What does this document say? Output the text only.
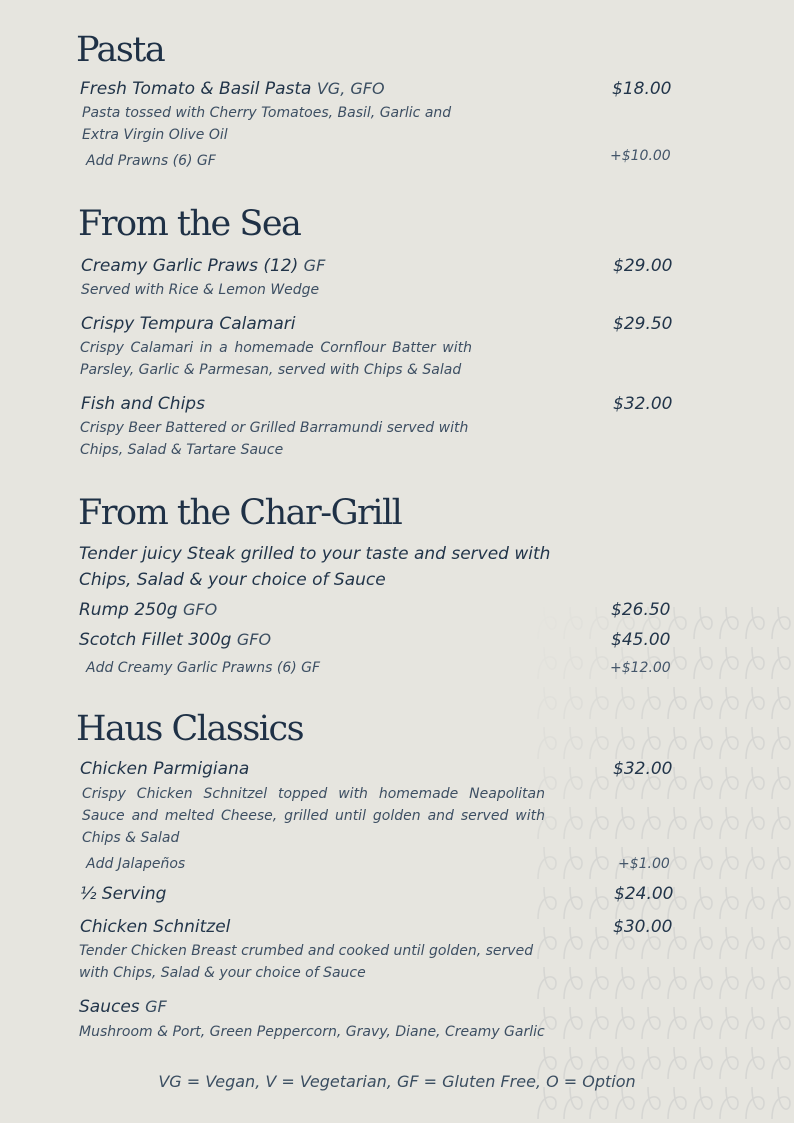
Pasta
Fresh Tomato & Basil Pasta VG, GFO	$18.00

Pasta tossed with Cherry Tomatoes, Basil, Garlic and Extra Virgin Olive Oil

Add Prawns (6) GF	+$10.00
From the Sea
Creamy Garlic Praws (12) GF	$29.00

Served with Rice & Lemon Wedge

Crispy Tempura Calamari	$29.50

Crispy Calamari in a homemade Cornflour Batter with Parsley, Garlic & Parmesan, served with Chips & Salad

Fish and Chips	$32.00

Crispy Beer Battered or Grilled Barramundi served with Chips, Salad & Tartare Sauce

From the Char-Grill

Tender juicy Steak grilled to your taste and served with Chips, Salad & your choice of Sauce

Rump 250g GFO	$26.50
Scotch Fillet 300g GFO	$45.00
Add Creamy Garlic Prawns (6) GF	+$12.00
Haus Classics
Chicken Parmigiana	$32.00

Crispy Chicken Schnitzel topped with homemade Neapolitan Sauce and melted Cheese, grilled until golden and served with Chips & Salad

Add Jalapeños	+$1.00
½ Serving	$24.00
Chicken Schnitzel	$30.00

Tender Chicken Breast crumbed and cooked until golden, served with Chips, Salad & your choice of Sauce

Sauces GF

Mushroom & Port, Green Peppercorn, Gravy, Diane, Creamy Garlic

VG = Vegan, V = Vegetarian, GF = Gluten Free, O = Option
